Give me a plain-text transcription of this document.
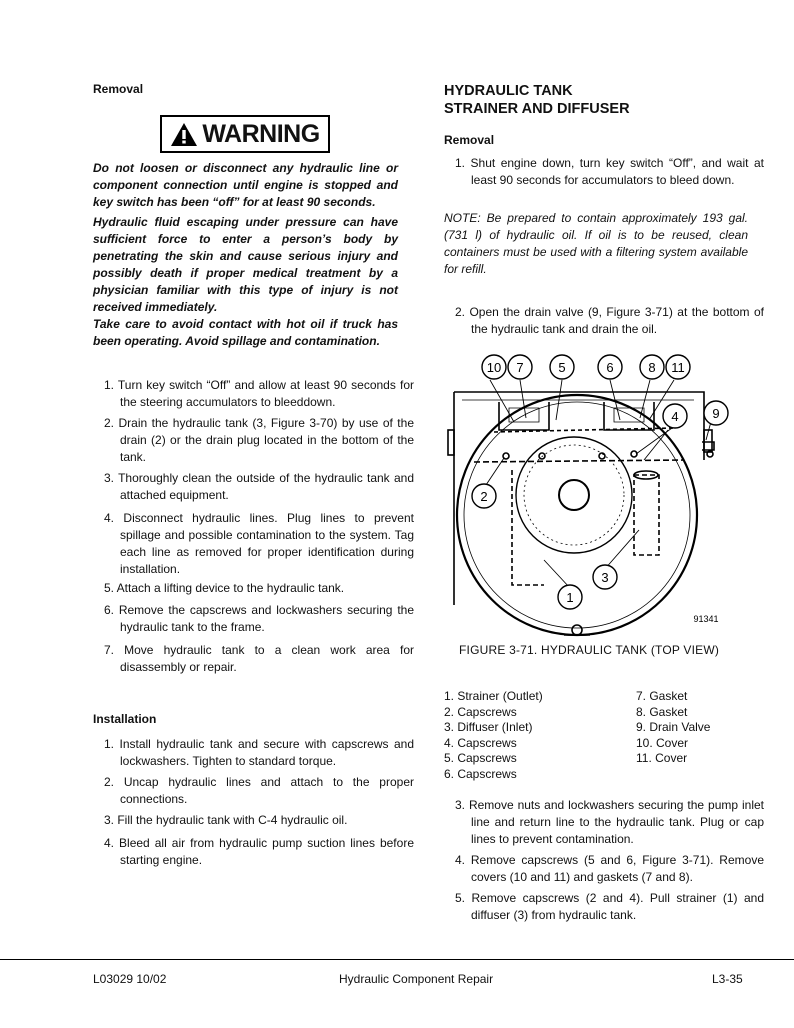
Removal
WARNING
Do not loosen or disconnect any hydraulic line or component connection until engine is stopped and key switch has been “off” for at least 90 seconds.
Hydraulic fluid escaping under pressure can have sufficient force to enter a person’s body by penetrating the skin and cause serious injury and possibly death if proper medical treatment by a physician familiar with this type of injury is not received immediately.
Take care to avoid contact with hot oil if truck has been operating. Avoid spillage and contamination.
1. Turn key switch “Off” and allow at least 90 seconds for the steering accumulators to bleeddown.
2. Drain the hydraulic tank (3, Figure 3-70) by use of the drain (2) or the drain plug located in the bottom of the tank.
3. Thoroughly clean the outside of the hydraulic tank and attached equipment.
4. Disconnect hydraulic lines. Plug lines to prevent spillage and possible contamination to the system. Tag each line as removed for proper identification during installation.
5. Attach a lifting device to the hydraulic tank.
6. Remove the capscrews and lockwashers securing the hydraulic tank to the frame.
7. Move hydraulic tank to a clean work area for disassembly or repair.
Installation
1. Install hydraulic tank and secure with capscrews and lockwashers. Tighten to standard torque.
2. Uncap hydraulic lines and attach to the proper connections.
3. Fill the hydraulic tank with C-4 hydraulic oil.
4. Bleed all air from hydraulic pump suction lines before starting engine.
HYDRAULIC TANK
STRAINER AND DIFFUSER
Removal
1. Shut engine down, turn key switch “Off”, and wait at least 90 seconds for accumulators to bleed down.
NOTE: Be prepared to contain approximately 193 gal. (731 l) of hydraulic oil. If oil is to be reused, clean containers must be used with a filtering system available for refill.
2. Open the drain valve (9, Figure 3-71) at the bottom of the hydraulic tank and drain the oil.
10 7	5	6	8 11
4	9
2
1
3
91341
FIGURE 3-71. HYDRAULIC TANK (TOP VIEW)
1. Strainer (Outlet)
2. Capscrews
3. Diffuser (Inlet)
4. Capscrews
5. Capscrews
6. Capscrews
7. Gasket
8. Gasket
9. Drain Valve
10. Cover
11. Cover
3. Remove nuts and lockwashers securing the pump inlet line and return line to the hydraulic tank. Plug or cap lines to prevent contamination.
4. Remove capscrews (5 and 6, Figure 3-71). Remove covers (10 and 11) and gaskets (7 and 8).
5. Remove capscrews (2 and 4). Pull strainer (1) and diffuser (3) from hydraulic tank.
L03029 10/02	Hydraulic Component Repair	L3-35
